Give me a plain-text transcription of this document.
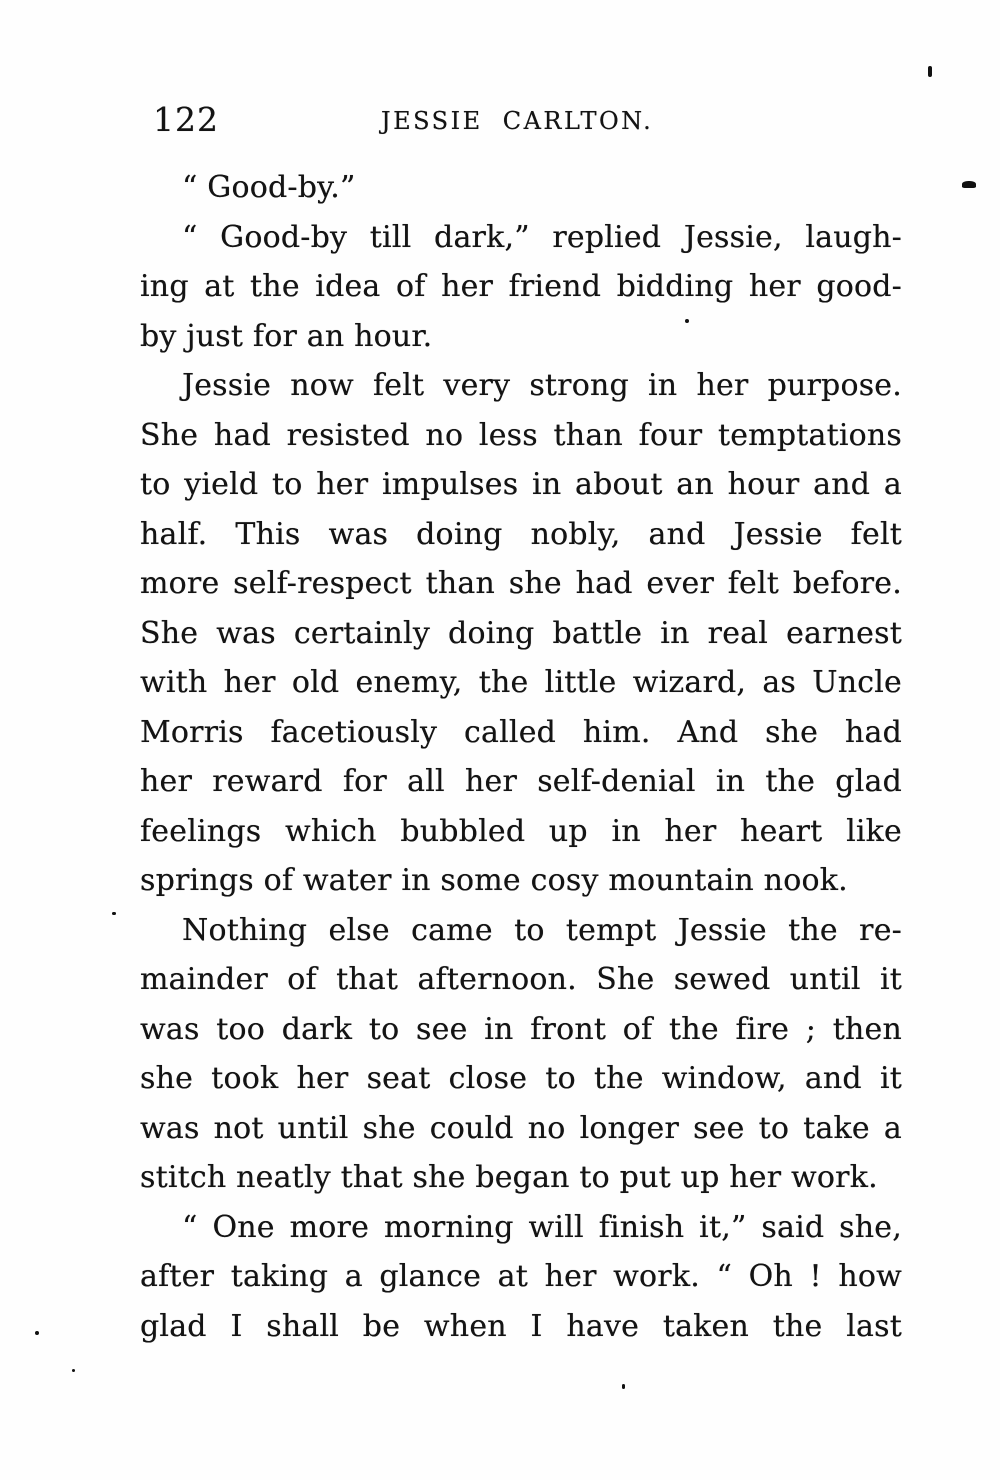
122	JESSIE CARLTON.
“ Good-by.”
“ Good-by till dark,” replied Jessie, laugh-
ing at the idea of her friend bidding her good-
by just for an hour.
Jessie now felt very strong in her purpose.
She had resisted no less than four temptations
to yield to her impulses in about an hour and a
half. This was doing nobly, and Jessie felt
more self-respect than she had ever felt before.
She was certainly doing battle in real earnest
with her old enemy, the little wizard, as Uncle
Morris facetiously called him. And she had
her reward for all her self-denial in the glad
feelings which bubbled up in her heart like
springs of water in some cosy mountain nook.
Nothing else came to tempt Jessie the re-
mainder of that afternoon. She sewed until it
was too dark to see in front of the fire ; then
she took her seat close to the window, and it
was not until she could no longer see to take a
stitch neatly that she began to put up her work.
“ One more morning will finish it,” said she,
after taking a glance at her work. “ Oh ! how
glad I shall be when I have taken the last
